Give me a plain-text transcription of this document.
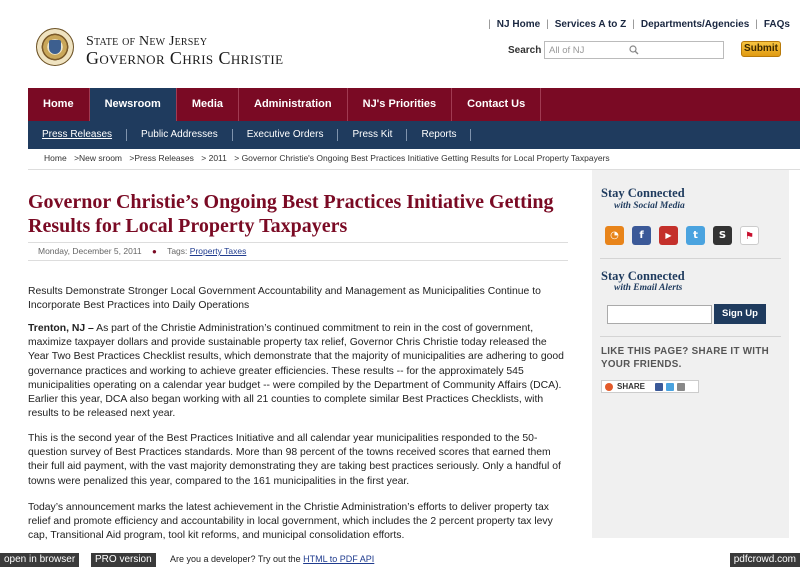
State of New Jersey
Governor Chris Christie
| NJ Home | Services A to Z | Departments/Agencies | FAQs
Search
All of NJ	Submit
Home	Newsroom	Media	Administration	NJ's Priorities	Contact Us
Press Releases	Public Addresses	Executive Orders	Press Kit	Reports
Home >New sroom >Press Releases > 2011 > Governor Christie's Ongoing Best Practices Initiative Getting Results for Local Property Taxpayers
Governor Christie’s Ongoing Best Practices Initiative Getting Results for Local Property Taxpayers
Monday, December 5, 2011 ● Tags: Property Taxes

Results Demonstrate Stronger Local Government Accountability and Management as Municipalities Continue to Incorporate Best Practices into Daily Operations

Trenton, NJ – As part of the Christie Administration’s continued commitment to rein in the cost of government, maximize taxpayer dollars and provide sustainable property tax relief, Governor Chris Christie today released the Year Two Best Practices Checklist results, which demonstrate that the majority of municipalities are adhering to good governance practices and working to achieve greater efficiencies. These results -- for the approximately 545 municipalities operating on a calendar year budget -- were compiled by the Department of Community Affairs (DCA). Earlier this year, DCA also began working with all 21 counties to complete similar Best Practices Checklists, with results to be released next year.

This is the second year of the Best Practices Initiative and all calendar year municipalities responded to the 50-question survey of Best Practices standards. More than 98 percent of the towns received scores that earned them their full aid payment, with the vast majority demonstrating they are taking best practices seriously. Only a handful of towns were penalized this year, compared to the 161 municipalities in the first year.

Today’s announcement marks the latest achievement in the Christie Administration’s efforts to deliver property tax relief and promote efficiency and accountability in local government, which includes the 2 percent property tax levy cap, Transitional Aid program, tool kit reforms, and municipal consolidation efforts.

Stay Connected
with Social Media
◔	f	▶	t	S	⚑
Stay Connected
with Email Alerts
Sign Up
LIKE THIS PAGE? SHARE IT WITH YOUR FRIENDS.
SHARE
open in browser	PRO version	Are you a developer? Try out the HTML to PDF API	pdfcrowd.com
